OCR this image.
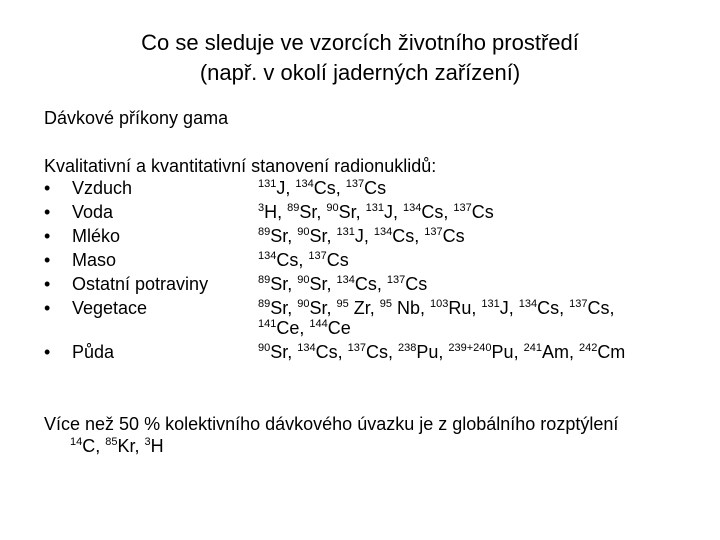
Co se sleduje ve vzorcích životního prostředí
(např. v okolí jaderných zařízení)
Dávkové příkony gama
Kvalitativní a kvantitativní stanovení radionuklidů:
• Vzduch	$^{131}$J, $^{134}$Cs, $^{137}$Cs
• Voda	$^3$H, $^{89}$Sr, $^{90}$Sr, $^{131}$J, $^{134}$Cs, $^{137}$Cs
• Mléko	$^{89}$Sr, $^{90}$Sr, $^{131}$J, $^{134}$Cs, $^{137}$Cs
• Maso	$^{134}$Cs, $^{137}$Cs
• Ostatní potraviny	$^{89}$Sr, $^{90}$Sr, $^{134}$Cs, $^{137}$Cs
• Vegetace	$^{89}$Sr, $^{90}$Sr, $^{95}$ Zr, $^{95}$ Nb, $^{103}$Ru, $^{131}$J, $^{134}$Cs, $^{137}$Cs,
$^{141}$Ce, $^{144}$Ce
• Půda	$^{90}$Sr, $^{134}$Cs, $^{137}$Cs, $^{238}$Pu, $^{239+240}$Pu, $^{241}$Am, $^{242}$Cm
Více než 50 % kolektivního dávkového úvazku je z globálního rozptýlení
$^{14}$C, $^{85}$Kr, $^3$H
